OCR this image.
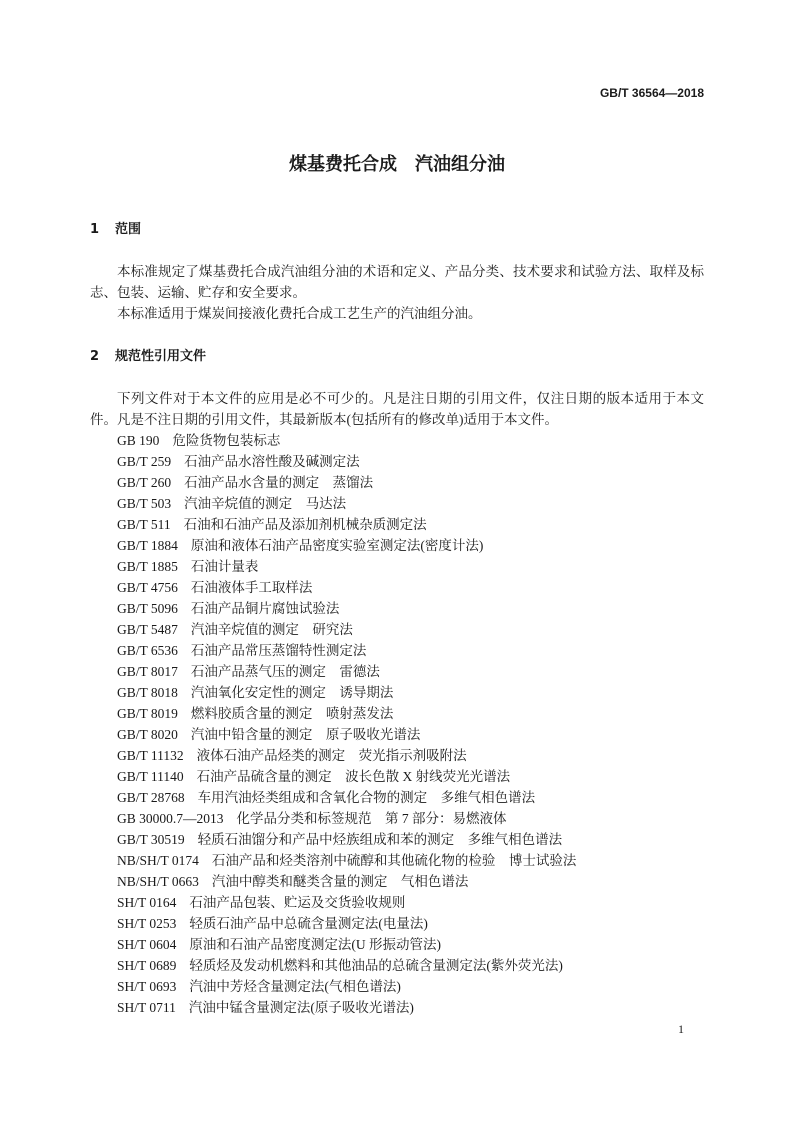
GB/T 36564—2018
煤基费托合成　汽油组分油
1 范围
本标准规定了煤基费托合成汽油组分油的术语和定义、产品分类、技术要求和试验方法、取样及标
志、包装、运输、贮存和安全要求。
本标准适用于煤炭间接液化费托合成工艺生产的汽油组分油。
2 规范性引用文件
下列文件对于本文件的应用是必不可少的。凡是注日期的引用文件，仅注日期的版本适用于本文
件。凡是不注日期的引用文件，其最新版本(包括所有的修改单)适用于本文件。
GB 190 危险货物包装标志
GB/T 259 石油产品水溶性酸及碱测定法
GB/T 260 石油产品水含量的测定　蒸馏法
GB/T 503 汽油辛烷值的测定　马达法
GB/T 511 石油和石油产品及添加剂机械杂质测定法
GB/T 1884 原油和液体石油产品密度实验室测定法(密度计法)
GB/T 1885 石油计量表
GB/T 4756 石油液体手工取样法
GB/T 5096 石油产品铜片腐蚀试验法
GB/T 5487 汽油辛烷值的测定　研究法
GB/T 6536 石油产品常压蒸馏特性测定法
GB/T 8017 石油产品蒸气压的测定　雷德法
GB/T 8018 汽油氧化安定性的测定　诱导期法
GB/T 8019 燃料胶质含量的测定　喷射蒸发法
GB/T 8020 汽油中铅含量的测定　原子吸收光谱法
GB/T 11132 液体石油产品烃类的测定　荧光指示剂吸附法
GB/T 11140 石油产品硫含量的测定　波长色散 X 射线荧光光谱法
GB/T 28768 车用汽油烃类组成和含氧化合物的测定　多维气相色谱法
GB 30000.7—2013 化学品分类和标签规范　第 7 部分：易燃液体
GB/T 30519 轻质石油馏分和产品中烃族组成和苯的测定　多维气相色谱法
NB/SH/T 0174 石油产品和烃类溶剂中硫醇和其他硫化物的检验　博士试验法
NB/SH/T 0663 汽油中醇类和醚类含量的测定　气相色谱法
SH/T 0164 石油产品包装、贮运及交货验收规则
SH/T 0253 轻质石油产品中总硫含量测定法(电量法)
SH/T 0604 原油和石油产品密度测定法(U 形振动管法)
SH/T 0689 轻质烃及发动机燃料和其他油品的总硫含量测定法(紫外荧光法)
SH/T 0693 汽油中芳烃含量测定法(气相色谱法)
SH/T 0711 汽油中锰含量测定法(原子吸收光谱法)
1
